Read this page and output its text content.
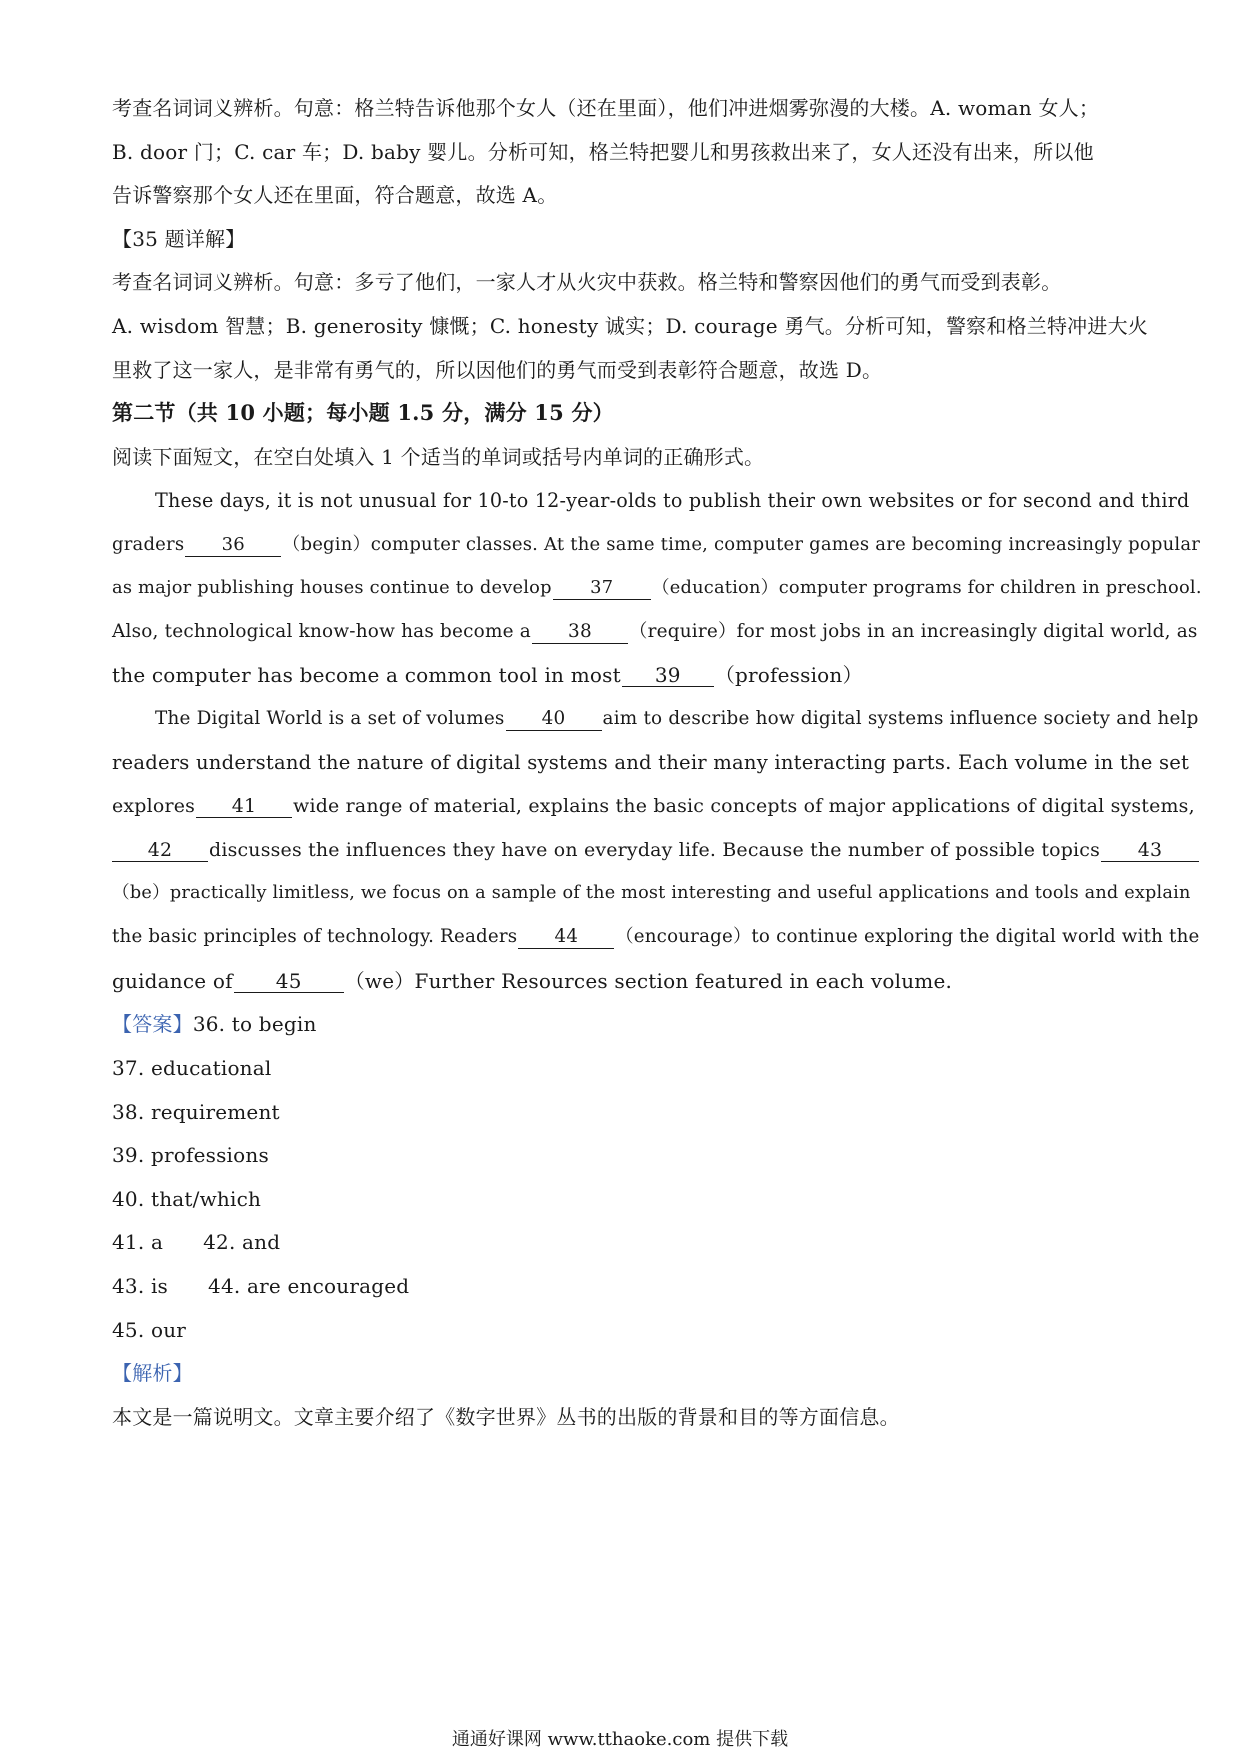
考查名词词义辨析。句意：格兰特告诉他那个女人（还在里面），他们冲进烟雾弥漫的大楼。A. woman 女人；
B. door 门；C. car 车；D. baby 婴儿。分析可知，格兰特把婴儿和男孩救出来了，女人还没有出来，所以他
告诉警察那个女人还在里面，符合题意，故选 A。
【35 题详解】
考查名词词义辨析。句意：多亏了他们，一家人才从火灾中获救。格兰特和警察因他们的勇气而受到表彰。
A. wisdom 智慧；B. generosity 慷慨；C. honesty 诚实；D. courage 勇气。分析可知，警察和格兰特冲进大火
里救了这一家人，是非常有勇气的，所以因他们的勇气而受到表彰符合题意，故选 D。
第二节（共 10 小题；每小题 1.5 分，满分 15 分）
阅读下面短文，在空白处填入 1 个适当的单词或括号内单词的正确形式。
These days, it is not unusual for 10-to 12-year-olds to publish their own websites or for second and third
graders 36 （begin）computer classes. At the same time, computer games are becoming increasingly popular
as major publishing houses continue to develop 37 （education）computer programs for children in preschool.
Also, technological know-how has become a 38 （require）for most jobs in an increasingly digital world, as
the computer has become a common tool in most 39 （profession）
The Digital World is a set of volumes 40 aim to describe how digital systems influence society and help
readers understand the nature of digital systems and their many interacting parts. Each volume in the set
explores 41 wide range of material, explains the basic concepts of major applications of digital systems,
42 discusses the influences they have on everyday life. Because the number of possible topics 43
（be）practically limitless, we focus on a sample of the most interesting and useful applications and tools and explain
the basic principles of technology. Readers 44 （encourage）to continue exploring the digital world with the
guidance of 45 （we）Further Resources section featured in each volume.
【答案】36. to begin
37. educational
38. requirement
39. professions
40. that/which
41. a 42. and
43. is 44. are encouraged
45. our
【解析】
本文是一篇说明文。文章主要介绍了《数字世界》丛书的出版的背景和目的等方面信息。
通通好课网 www.tthaoke.com 提供下载
